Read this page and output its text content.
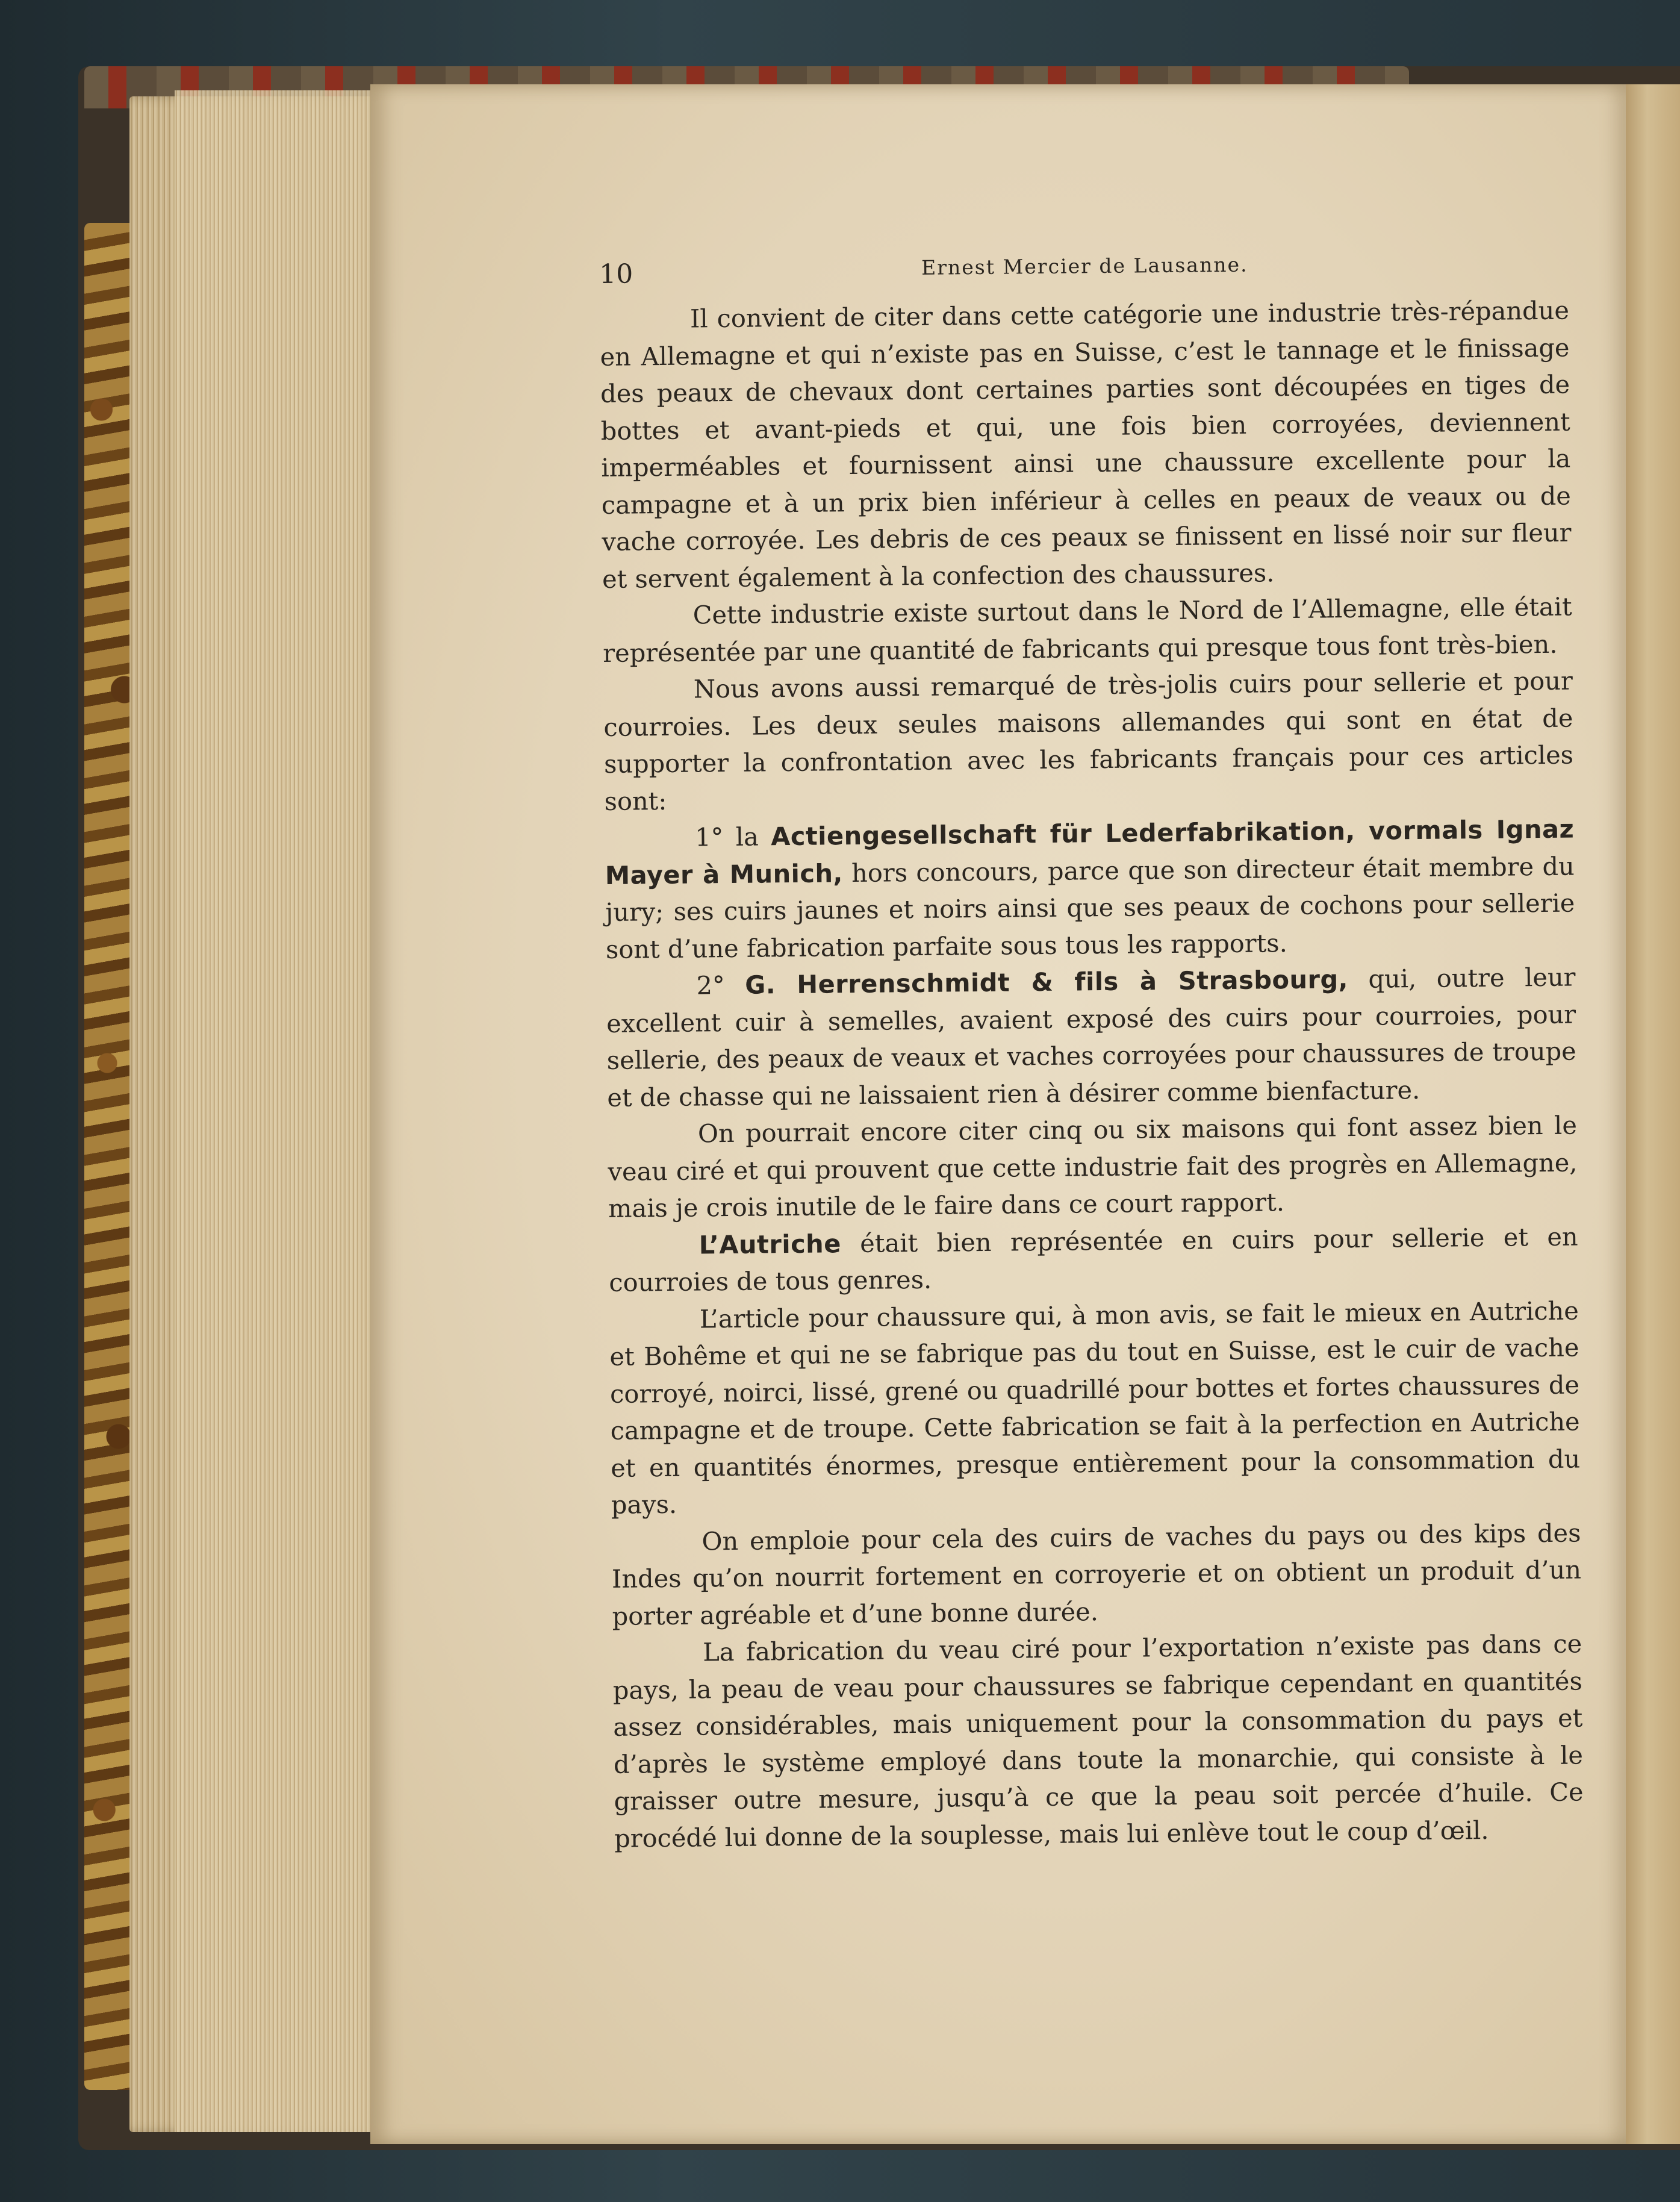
10	Ernest Mercier de Lausanne.

Il convient de citer dans cette catégorie une industrie très-répandue en Allemagne et qui n’existe pas en Suisse, c’est le tannage et le finissage des peaux de chevaux dont certaines parties sont découpées en tiges de bottes et avant-pieds et qui, une fois bien corroyées, deviennent imperméables et fournissent ainsi une chaussure excellente pour la campagne et à un prix bien inférieur à celles en peaux de veaux ou de vache corroyée. Les debris de ces peaux se finissent en lissé noir sur fleur et servent également à la confection des chaussures.

Cette industrie existe surtout dans le Nord de l’Allemagne, elle était représentée par une quantité de fabricants qui presque tous font très-bien.

Nous avons aussi remarqué de très-jolis cuirs pour sellerie et pour courroies. Les deux seules maisons allemandes qui sont en état de supporter la confrontation avec les fabricants français pour ces articles sont:

1° la Actiengesellschaft für Lederfabrikation, vormals Ignaz Mayer à Munich, hors concours, parce que son directeur était membre du jury; ses cuirs jaunes et noirs ainsi que ses peaux de cochons pour sellerie sont d’une fabrication parfaite sous tous les rapports.

2° G. Herrenschmidt & fils à Strasbourg, qui, outre leur excellent cuir à semelles, avaient exposé des cuirs pour courroies, pour sellerie, des peaux de veaux et vaches corroyées pour chaussures de troupe et de chasse qui ne laissaient rien à désirer comme bienfacture.

On pourrait encore citer cinq ou six maisons qui font assez bien le veau ciré et qui prouvent que cette industrie fait des progrès en Allemagne, mais je crois inutile de le faire dans ce court rapport.

L’Autriche était bien représentée en cuirs pour sellerie et en courroies de tous genres.

L’article pour chaussure qui, à mon avis, se fait le mieux en Autriche et Bohême et qui ne se fabrique pas du tout en Suisse, est le cuir de vache corroyé, noirci, lissé, grené ou quadrillé pour bottes et fortes chaussures de campagne et de troupe. Cette fabrication se fait à la perfection en Autriche et en quantités énormes, presque entièrement pour la consommation du pays.

On emploie pour cela des cuirs de vaches du pays ou des kips des Indes qu’on nourrit fortement en corroyerie et on obtient un produit d’un porter agréable et d’une bonne durée.

La fabrication du veau ciré pour l’exportation n’existe pas dans ce pays, la peau de veau pour chaussures se fabrique cependant en quantités assez considérables, mais uniquement pour la consommation du pays et d’après le système employé dans toute la monarchie, qui consiste à le graisser outre mesure, jusqu’à ce que la peau soit percée d’huile. Ce procédé lui donne de la souplesse, mais lui enlève tout le coup d’œil.
